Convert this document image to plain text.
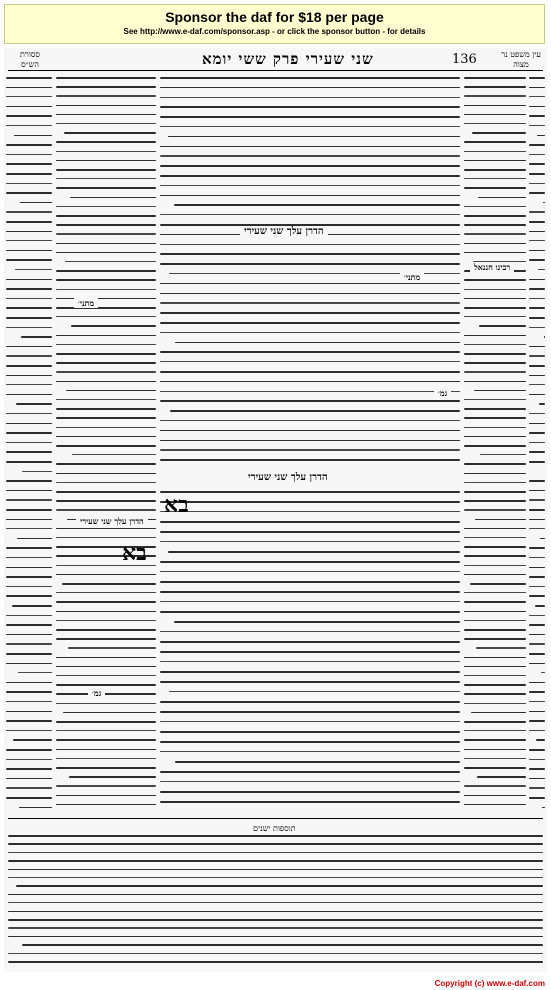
Sponsor the daf for $18 per page
See http://www.e-daf.com/sponsor.asp - or click the sponsor button - for details
ססורת הש״ס	שני שעירי פרק ששי יומא	136	עין משפט נר מצוה
הדרן עלך שני שעירי
הדרן עלך שני שעירי
הדרן עלך שני שעירי
רבינו חננאל
מתני׳
גמ׳
מתני׳
גמ׳
בא
בא
תוספות ישנים
Copyright (c) www.e-daf.com
